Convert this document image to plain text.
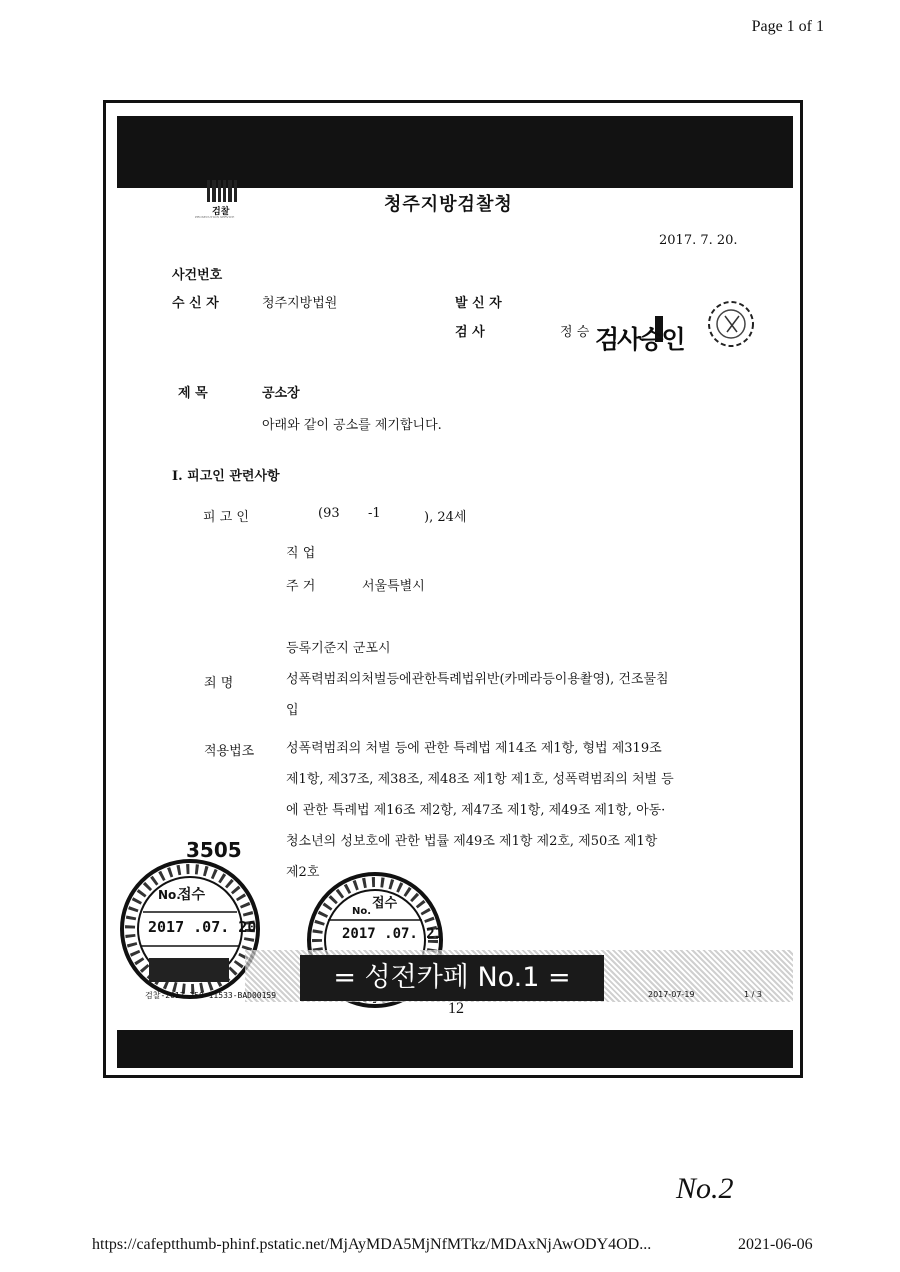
Page 1 of 1
검찰
PROSECUTION SERVICE
청주지방검찰청
2017. 7. 20.
사건번호
수 신 자	청주지방법원	발 신 자
검 사	정 승 검사승인
제 목	공소장
아래와 같이 공소를 제기합니다.
Ⅰ. 피고인 관련사항
피 고 인	(93 -1	), 24세
직 업
주 거	서울특별시
등록기준지 군포시
죄 명	성폭력범죄의처벌등에관한특례법위반(카메라등이용촬영), 건조물침
입
적용법조 성폭력범죄의 처벌 등에 관한 특례법 제14조 제1항, 형법 제319조
제1항, 제37조, 제38조, 제48조 제1항 제1호, 성폭력범죄의 처벌 등
에 관한 특례법 제16조 제2항, 제47조 제1항, 제49조 제1항, 아동·
청소년의 성보호에 관한 법률 제49조 제1항 제2호, 제50조 제1항
제2호
3505
No.
접수
2017 .07. 20
No.
접수
2017 .07. 21
= 성전카페 No.1 =
검찰-2017-250-11533-BAD00159	2017-07-19	1 / 3
12
No.2
https://cafeptthumb-phinf.pstatic.net/MjAyMDA5MjNfMTkz/MDAxNjAwODY4OD...	2021-06-06
